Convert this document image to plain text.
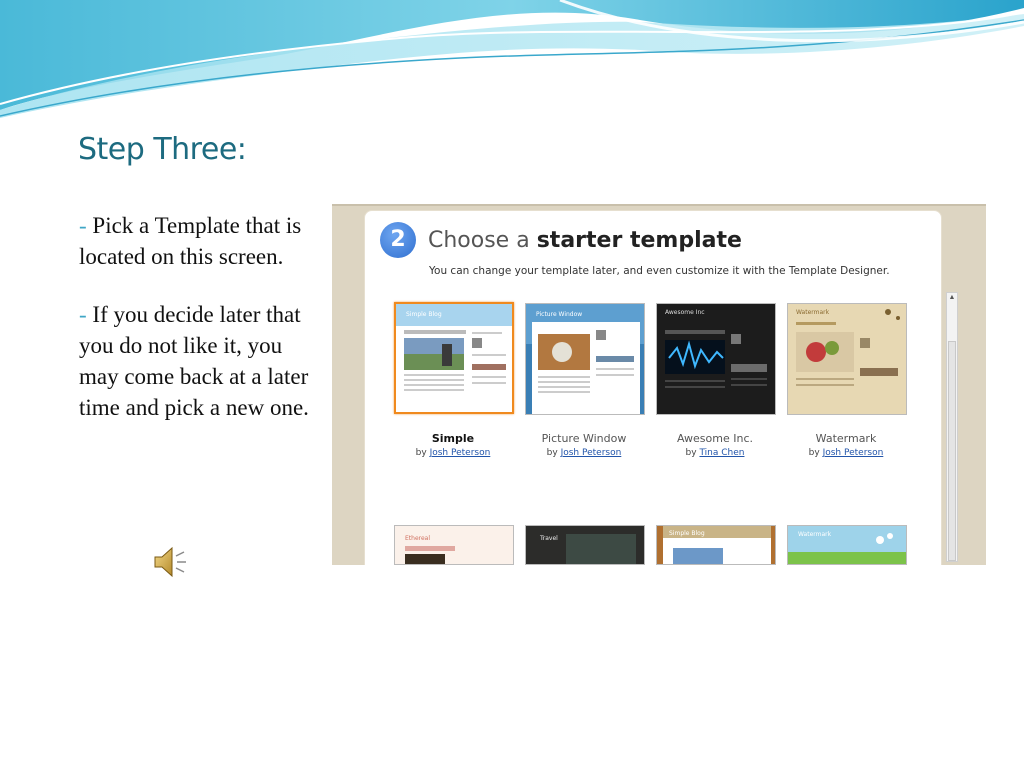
Step Three:

- Pick a Template that is located on this screen.

- If you decide later that you do not like it, you may come back at a later time and pick a new one.

2	Choose a starter template
You can change your template later, and even customize it with the Template Designer.
Simple Blog	Picture Window	Awesome Inc	Watermark
Simple
by Josh Peterson
Picture Window
by Josh Peterson
Awesome Inc.
by Tina Chen
Watermark
by Josh Peterson
Ethereal	Travel
Simple Blog	Watermark
▲
